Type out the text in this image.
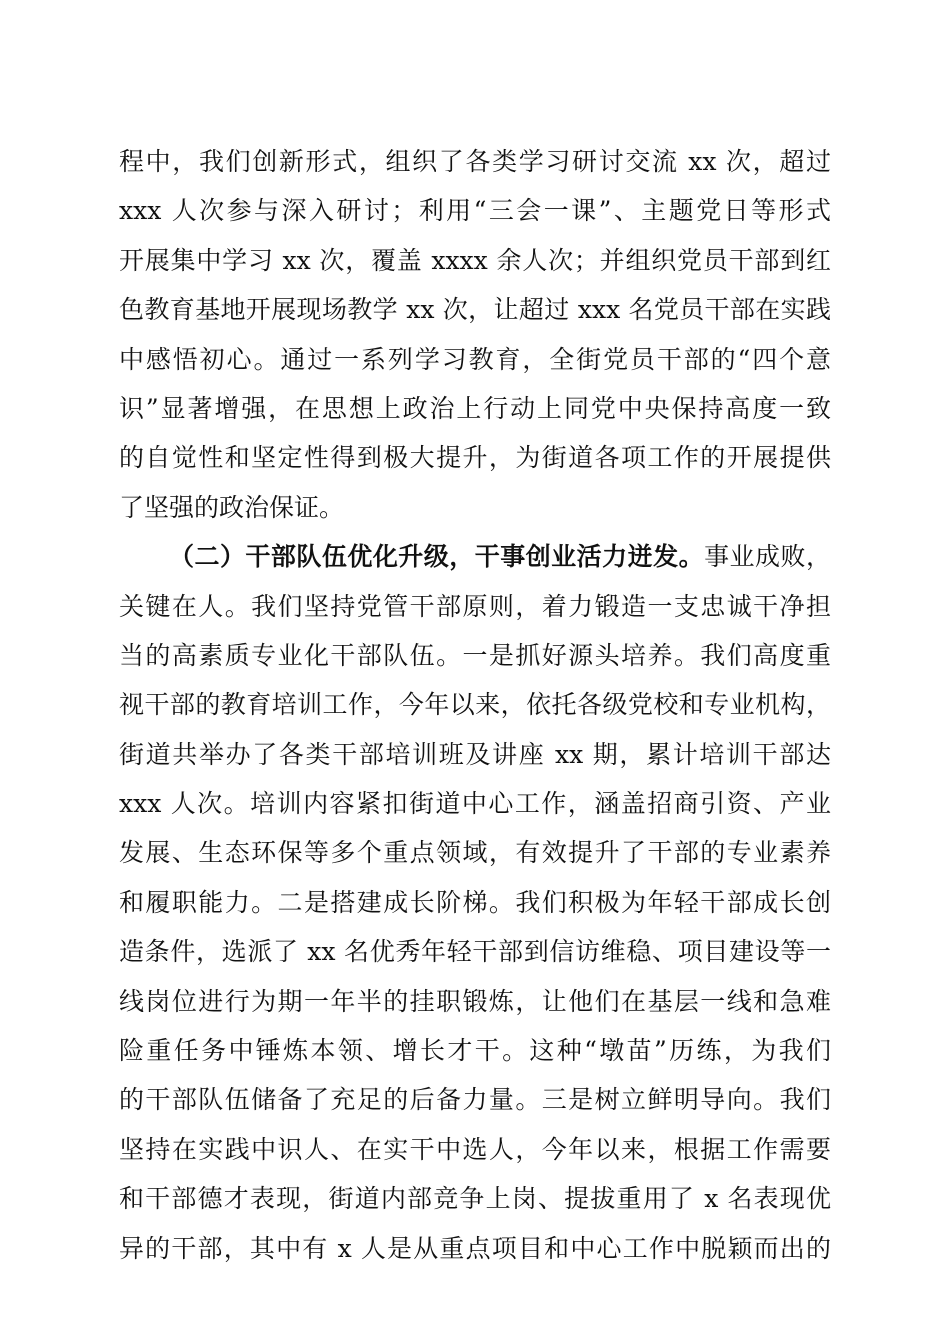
程中，我们创新形式，组织了各类学习研讨交流 xx 次，超过
xxx 人次参与深入研讨；利用“三会一课”、主题党日等形式
开展集中学习 xx 次，覆盖 xxxx 余人次；并组织党员干部到红
色教育基地开展现场教学 xx 次，让超过 xxx 名党员干部在实践
中感悟初心。通过一系列学习教育，全街党员干部的“四个意
识”显著增强，在思想上政治上行动上同党中央保持高度一致
的自觉性和坚定性得到极大提升，为街道各项工作的开展提供
了坚强的政治保证。
（二）干部队伍优化升级，干事创业活力迸发。事业成败，
关键在人。我们坚持党管干部原则，着力锻造一支忠诚干净担
当的高素质专业化干部队伍。一是抓好源头培养。我们高度重
视干部的教育培训工作，今年以来，依托各级党校和专业机构，
街道共举办了各类干部培训班及讲座 xx 期，累计培训干部达
xxx 人次。培训内容紧扣街道中心工作，涵盖招商引资、产业
发展、生态环保等多个重点领域，有效提升了干部的专业素养
和履职能力。二是搭建成长阶梯。我们积极为年轻干部成长创
造条件，选派了 xx 名优秀年轻干部到信访维稳、项目建设等一
线岗位进行为期一年半的挂职锻炼，让他们在基层一线和急难
险重任务中锤炼本领、增长才干。这种“墩苗”历练，为我们
的干部队伍储备了充足的后备力量。三是树立鲜明导向。我们
坚持在实践中识人、在实干中选人，今年以来，根据工作需要
和干部德才表现，街道内部竞争上岗、提拔重用了 x 名表现优
异的干部，其中有 x 人是从重点项目和中心工作中脱颖而出的
